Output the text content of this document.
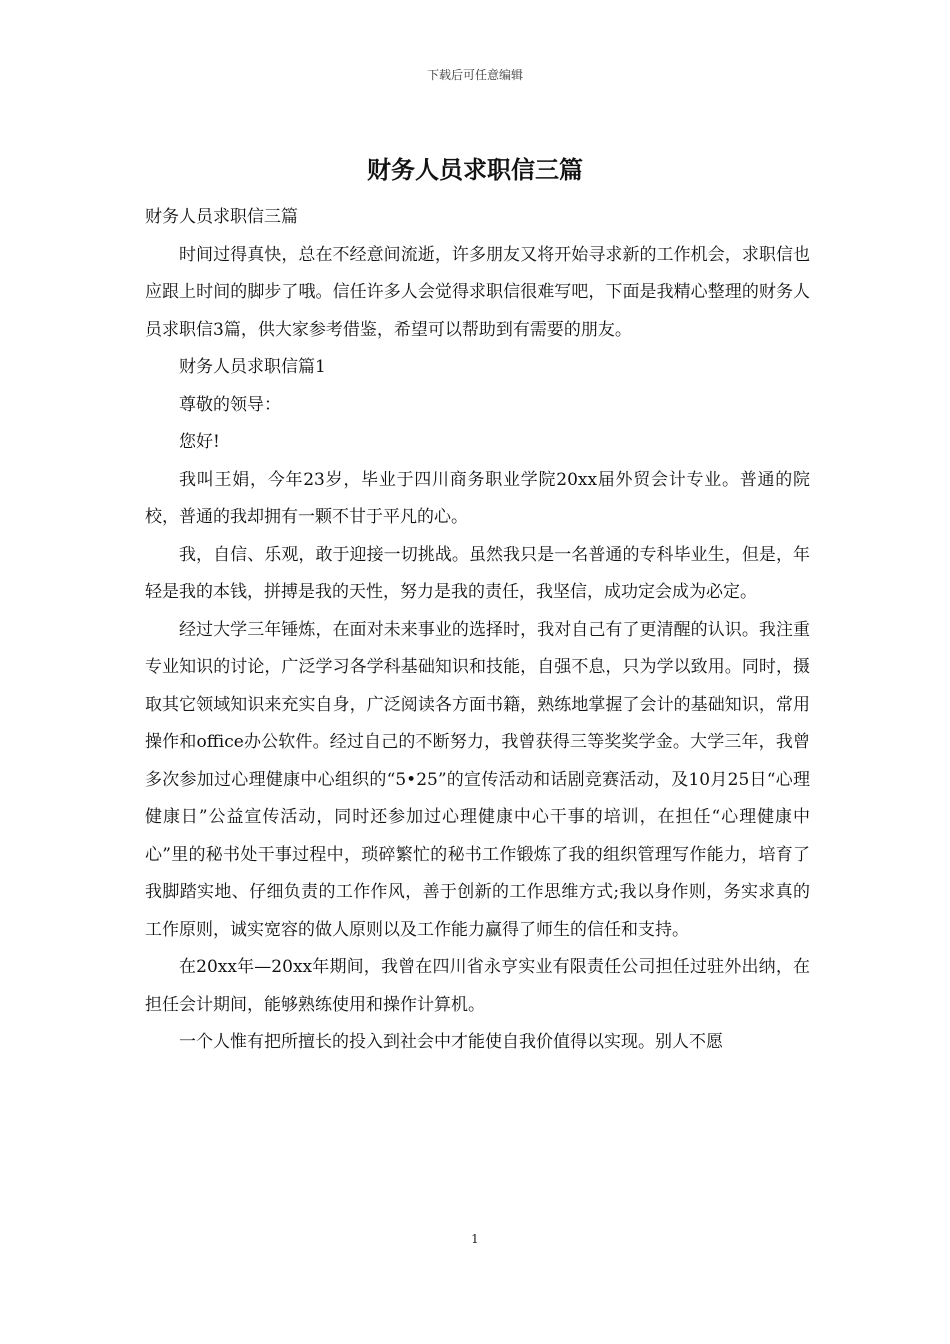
下载后可任意编辑
财务人员求职信三篇

财务人员求职信三篇

时间过得真快，总在不经意间流逝，许多朋友又将开始寻求新的工作机会，求职信也应跟上时间的脚步了哦。信任许多人会觉得求职信很难写吧，下面是我精心整理的财务人员求职信3篇，供大家参考借鉴，希望可以帮助到有需要的朋友。

财务人员求职信篇1

尊敬的领导：

您好!

我叫王娟，今年23岁，毕业于四川商务职业学院20xx届外贸会计专业。普通的院校，普通的我却拥有一颗不甘于平凡的心。

我，自信、乐观，敢于迎接一切挑战。虽然我只是一名普通的专科毕业生，但是，年轻是我的本钱，拼搏是我的天性，努力是我的责任，我坚信，成功定会成为必定。

经过大学三年锤炼，在面对未来事业的选择时，我对自己有了更清醒的认识。我注重专业知识的讨论，广泛学习各学科基础知识和技能，自强不息，只为学以致用。同时，摄取其它领域知识来充实自身，广泛阅读各方面书籍，熟练地掌握了会计的基础知识，常用操作和office办公软件。经过自己的不断努力，我曾获得三等奖奖学金。大学三年，我曾多次参加过心理健康中心组织的“5•25”的宣传活动和话剧竞赛活动，及10月25日“心理健康日”公益宣传活动，同时还参加过心理健康中心干事的培训，在担任“心理健康中心”里的秘书处干事过程中，琐碎繁忙的秘书工作锻炼了我的组织管理写作能力，培育了我脚踏实地、仔细负责的工作作风，善于创新的工作思维方式;我以身作则，务实求真的工作原则，诚实宽容的做人原则以及工作能力赢得了师生的信任和支持。

在20xx年—20xx年期间，我曾在四川省永亨实业有限责任公司担任过驻外出纳，在担任会计期间，能够熟练使用和操作计算机。

一个人惟有把所擅长的投入到社会中才能使自我价值得以实现。别人不愿

1
